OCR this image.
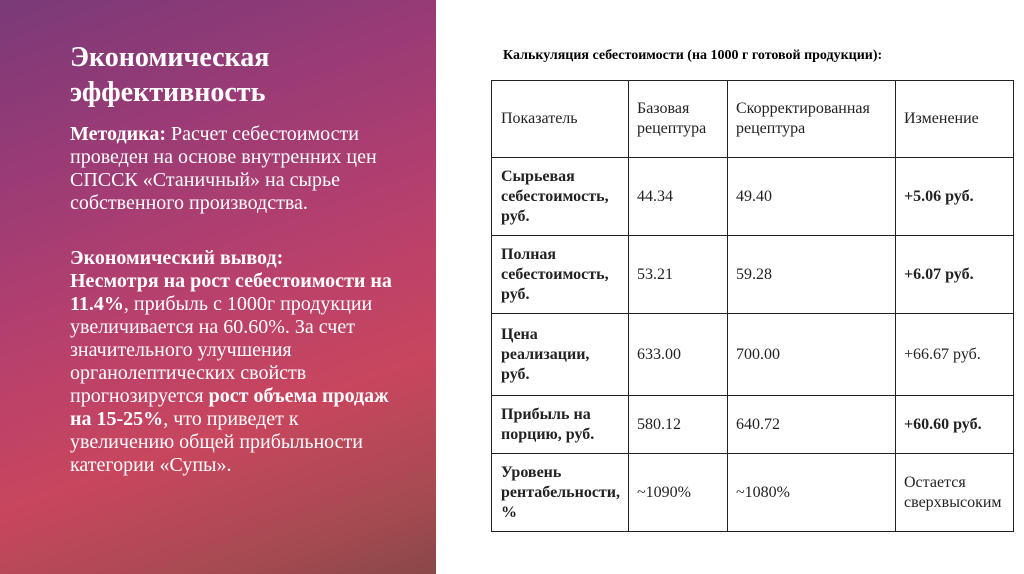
Экономическая эффективность
Методика: Расчет себестоимости проведен на основе внутренних цен СПССК «Станичный» на сырье собственного производства.
Экономический вывод:
Несмотря на рост себестоимости на 11.4%, прибыль с 1000г продукции увеличивается на 60.60%. За счет значительного улучшения органолептических свойств прогнозируется рост объема продаж на 15-25%, что приведет к увеличению общей прибыльности категории «Супы».
Калькуляция себестоимости (на 1000 г готовой продукции):
Показатель	Базовая рецептура	Скорректированная рецептура	Изменение
Сырьевая себестоимость, руб.	44.34	49.40	+5.06 руб.
Полная себестоимость, руб.	53.21	59.28	+6.07 руб.
Цена реализации, руб.	633.00	700.00	+66.67 руб.
Прибыль на порцию, руб.	580.12	640.72	+60.60 руб.
Уровень рентабельности, %	~1090%	~1080%	Остается сверхвысоким
